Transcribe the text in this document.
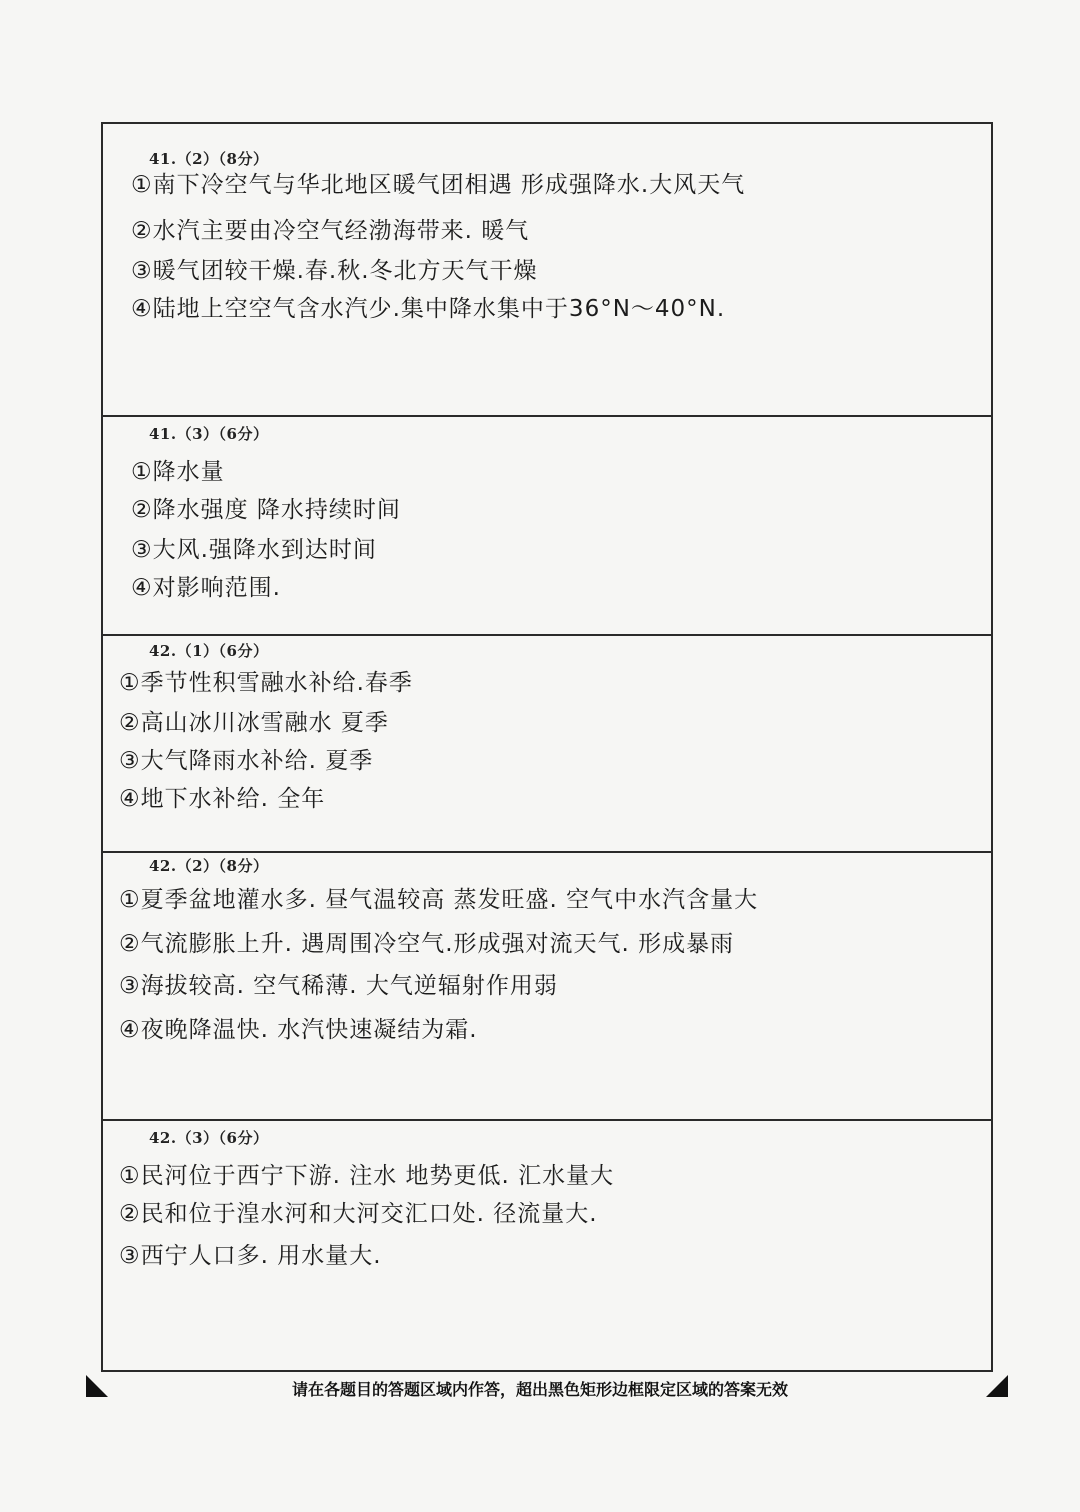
41.（2）（8分）
①南下冷空气与华北地区暖气团相遇 形成强降水.大风天气
②水汽主要由冷空气经渤海带来. 暖气
③暖气团较干燥.春.秋.冬北方天气干燥
④陆地上空空气含水汽少.集中降水集中于36°N～40°N.
41.（3）（6分）
①降水量
②降水强度 降水持续时间
③大风.强降水到达时间
④对影响范围.
42.（1）（6分）
①季节性积雪融水补给.春季
②高山冰川冰雪融水 夏季
③大气降雨水补给. 夏季
④地下水补给. 全年
42.（2）（8分）
①夏季盆地灌水多. 昼气温较高 蒸发旺盛. 空气中水汽含量大
②气流膨胀上升. 遇周围冷空气.形成强对流天气. 形成暴雨
③海拔较高. 空气稀薄. 大气逆辐射作用弱
④夜晚降温快. 水汽快速凝结为霜.
42.（3）（6分）
①民河位于西宁下游. 注水 地势更低. 汇水量大
②民和位于湟水河和大河交汇口处. 径流量大.
③西宁人口多. 用水量大.
请在各题目的答题区域内作答，超出黑色矩形边框限定区域的答案无效
